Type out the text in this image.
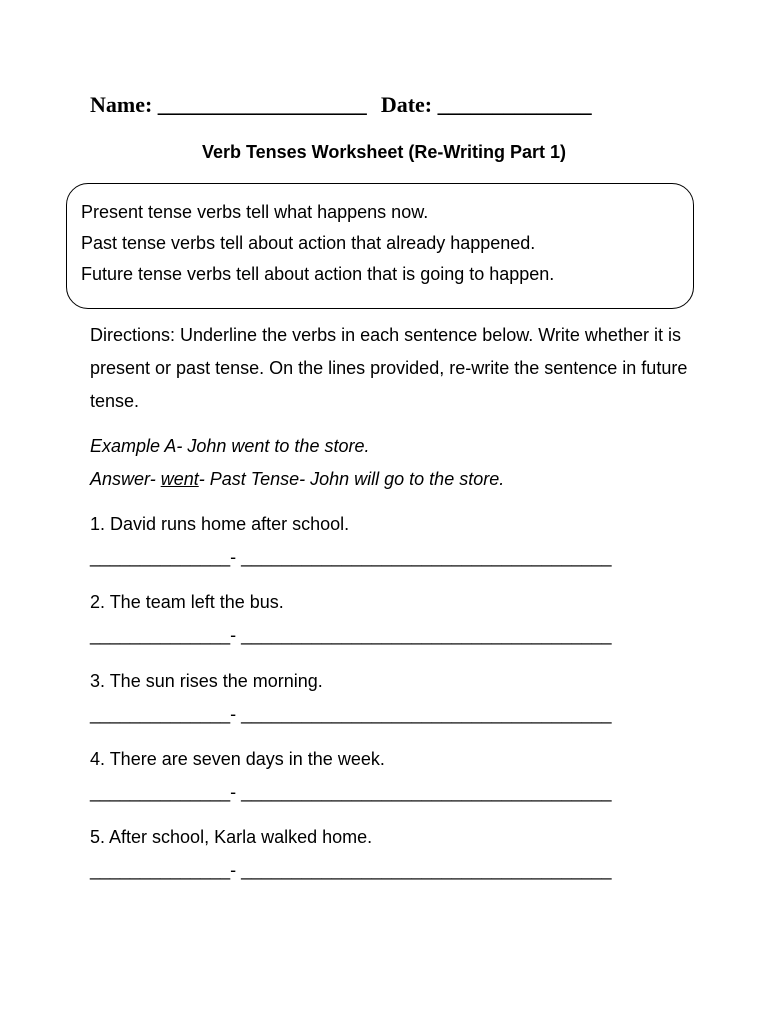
Name: ___________________ Date: ______________
Verb Tenses Worksheet (Re-Writing Part 1)
Present tense verbs tell what happens now.
Past tense verbs tell about action that already happened.
Future tense verbs tell about action that is going to happen.
Directions: Underline the verbs in each sentence below. Write whether it is present or past tense. On the lines provided, re-write the sentence in future tense.
Example A- John went to the store.
Answer- went- Past Tense- John will go to the store.
1. David runs home after school.
______________- _____________________________________
2. The team left the bus.
______________- _____________________________________
3. The sun rises the morning.
______________- _____________________________________
4. There are seven days in the week.
______________- _____________________________________
5. After school, Karla walked home.
______________- _____________________________________
